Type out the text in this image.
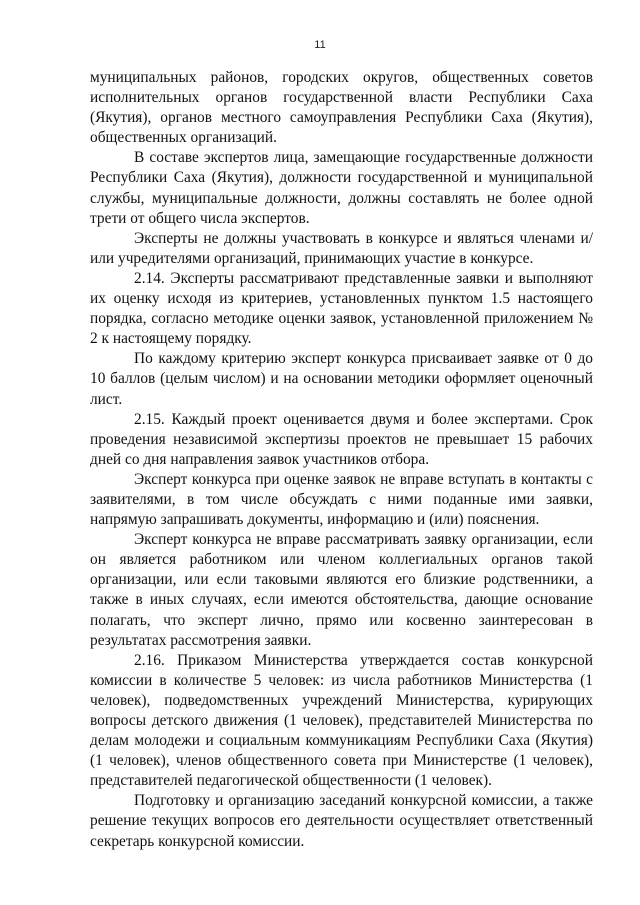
11

муниципальных районов, городских округов, общественных советов исполнительных органов государственной власти Республики Саха (Якутия), органов местного самоуправления Республики Саха (Якутия), общественных организаций.

В составе экспертов лица, замещающие государственные должности Республики Саха (Якутия), должности государственной и муниципальной службы, муниципальные должности, должны составлять не более одной трети от общего числа экспертов.

Эксперты не должны участвовать в конкурсе и являться членами и/или учредителями организаций, принимающих участие в конкурсе.

2.14. Эксперты рассматривают представленные заявки и выполняют их оценку исходя из критериев, установленных пунктом 1.5 настоящего порядка, согласно методике оценки заявок, установленной приложением № 2 к настоящему порядку.

По каждому критерию эксперт конкурса присваивает заявке от 0 до 10 баллов (целым числом) и на основании методики оформляет оценочный лист.

2.15. Каждый проект оценивается двумя и более экспертами. Срок проведения независимой экспертизы проектов не превышает 15 рабочих дней со дня направления заявок участников отбора.

Эксперт конкурса при оценке заявок не вправе вступать в контакты с заявителями, в том числе обсуждать с ними поданные ими заявки, напрямую запрашивать документы, информацию и (или) пояснения.

Эксперт конкурса не вправе рассматривать заявку организации, если он является работником или членом коллегиальных органов такой организации, или если таковыми являются его близкие родственники, а также в иных случаях, если имеются обстоятельства, дающие основание полагать, что эксперт лично, прямо или косвенно заинтересован в результатах рассмотрения заявки.

2.16. Приказом Министерства утверждается состав конкурсной комиссии в количестве 5 человек: из числа работников Министерства (1 человек), подведомственных учреждений Министерства, курирующих вопросы детского движения (1 человек), представителей Министерства по делам молодежи и социальным коммуникациям Республики Саха (Якутия) (1 человек), членов общественного совета при Министерстве (1 человек), представителей педагогической общественности (1 человек).

Подготовку и организацию заседаний конкурсной комиссии, а также решение текущих вопросов его деятельности осуществляет ответственный секретарь конкурсной комиссии.
